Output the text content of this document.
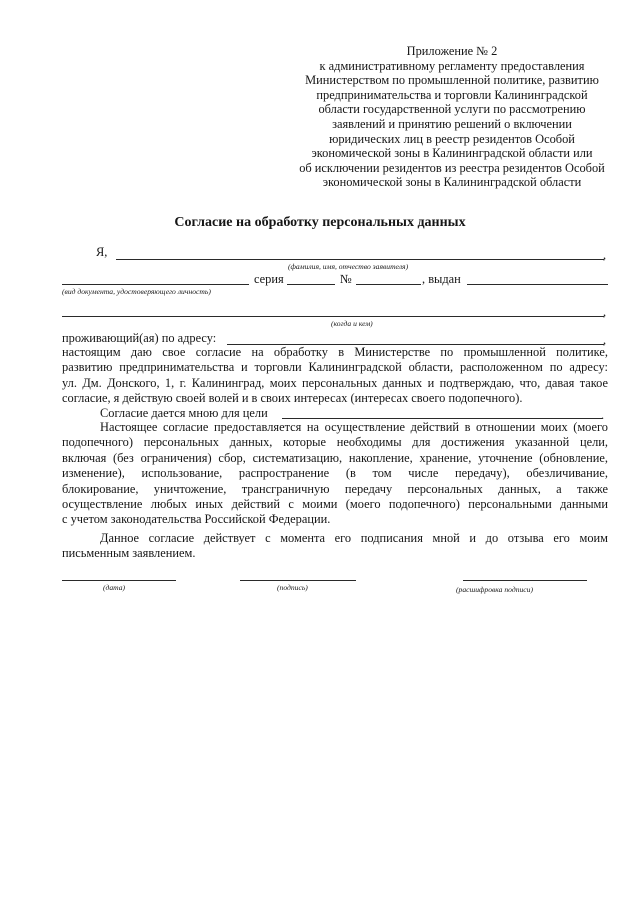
Приложение № 2
к административному регламенту предоставления
Министерством по промышленной политике, развитию
предпринимательства и торговли Калининградской
области государственной услуги по рассмотрению
заявлений и принятию решений о включении
юридических лиц в реестр резидентов Особой
экономической зоны в Калининградской области или
об исключении резидентов из реестра резидентов Особой
экономической зоны в Калининградской области
Согласие на обработку персональных данных
Я,	,
(фамилия, имя, отчество заявителя)
серия	№	, выдан
(вид документа, удостоверяющего личность)
,
(когда и кем)
проживающий(ая) по адресу:	,
настоящим даю свое согласие на обработку в Министерстве по промышленной политике,
развитию предпринимательства и торговли Калининградской области, расположенном по адресу:
ул. Дм. Донского, 1, г. Калининград, моих персональных данных и подтверждаю, что, давая такое
согласие, я действую своей волей и в своих интересах (интересах своего подопечного).
Согласие дается мною для цели	.
Настоящее согласие предоставляется на осуществление действий в отношении моих (моего
подопечного) персональных данных, которые необходимы для достижения указанной цели,
включая (без ограничения) сбор, систематизацию, накопление, хранение, уточнение (обновление,
изменение), использование, распространение (в том числе передачу), обезличивание,
блокирование, уничтожение, трансграничную передачу персональных данных, а также
осуществление любых иных действий с моими (моего подопечного) персональными данными
с учетом законодательства Российской Федерации.
Данное согласие действует с момента его подписания мной и до отзыва его моим
письменным заявлением.
(дата)	(подпись)	(расшифровка подписи)
